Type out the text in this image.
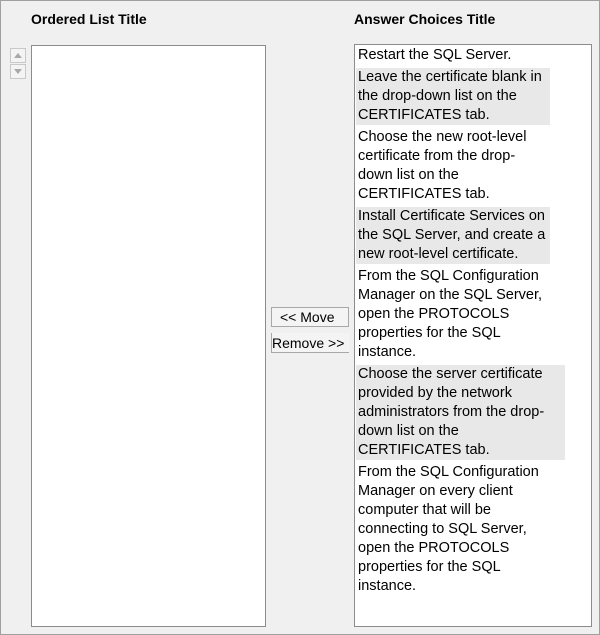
Ordered List Title	Answer Choices Title
<< Move
Remove >>
Restart the SQL Server.
Leave the certificate blank in the drop-down list on the CERTIFICATES tab.
Choose the new root-level certificate from the drop-down list on the CERTIFICATES tab.
Install Certificate Services on the SQL Server, and create a new root-level certificate.
From the SQL Configuration Manager on the SQL Server, open the PROTOCOLS properties for the SQL instance.
Choose the server certificate provided by the network administrators from the drop-down list on the CERTIFICATES tab.
From the SQL Configuration Manager on every client computer that will be connecting to SQL Server, open the PROTOCOLS properties for the SQL instance.
